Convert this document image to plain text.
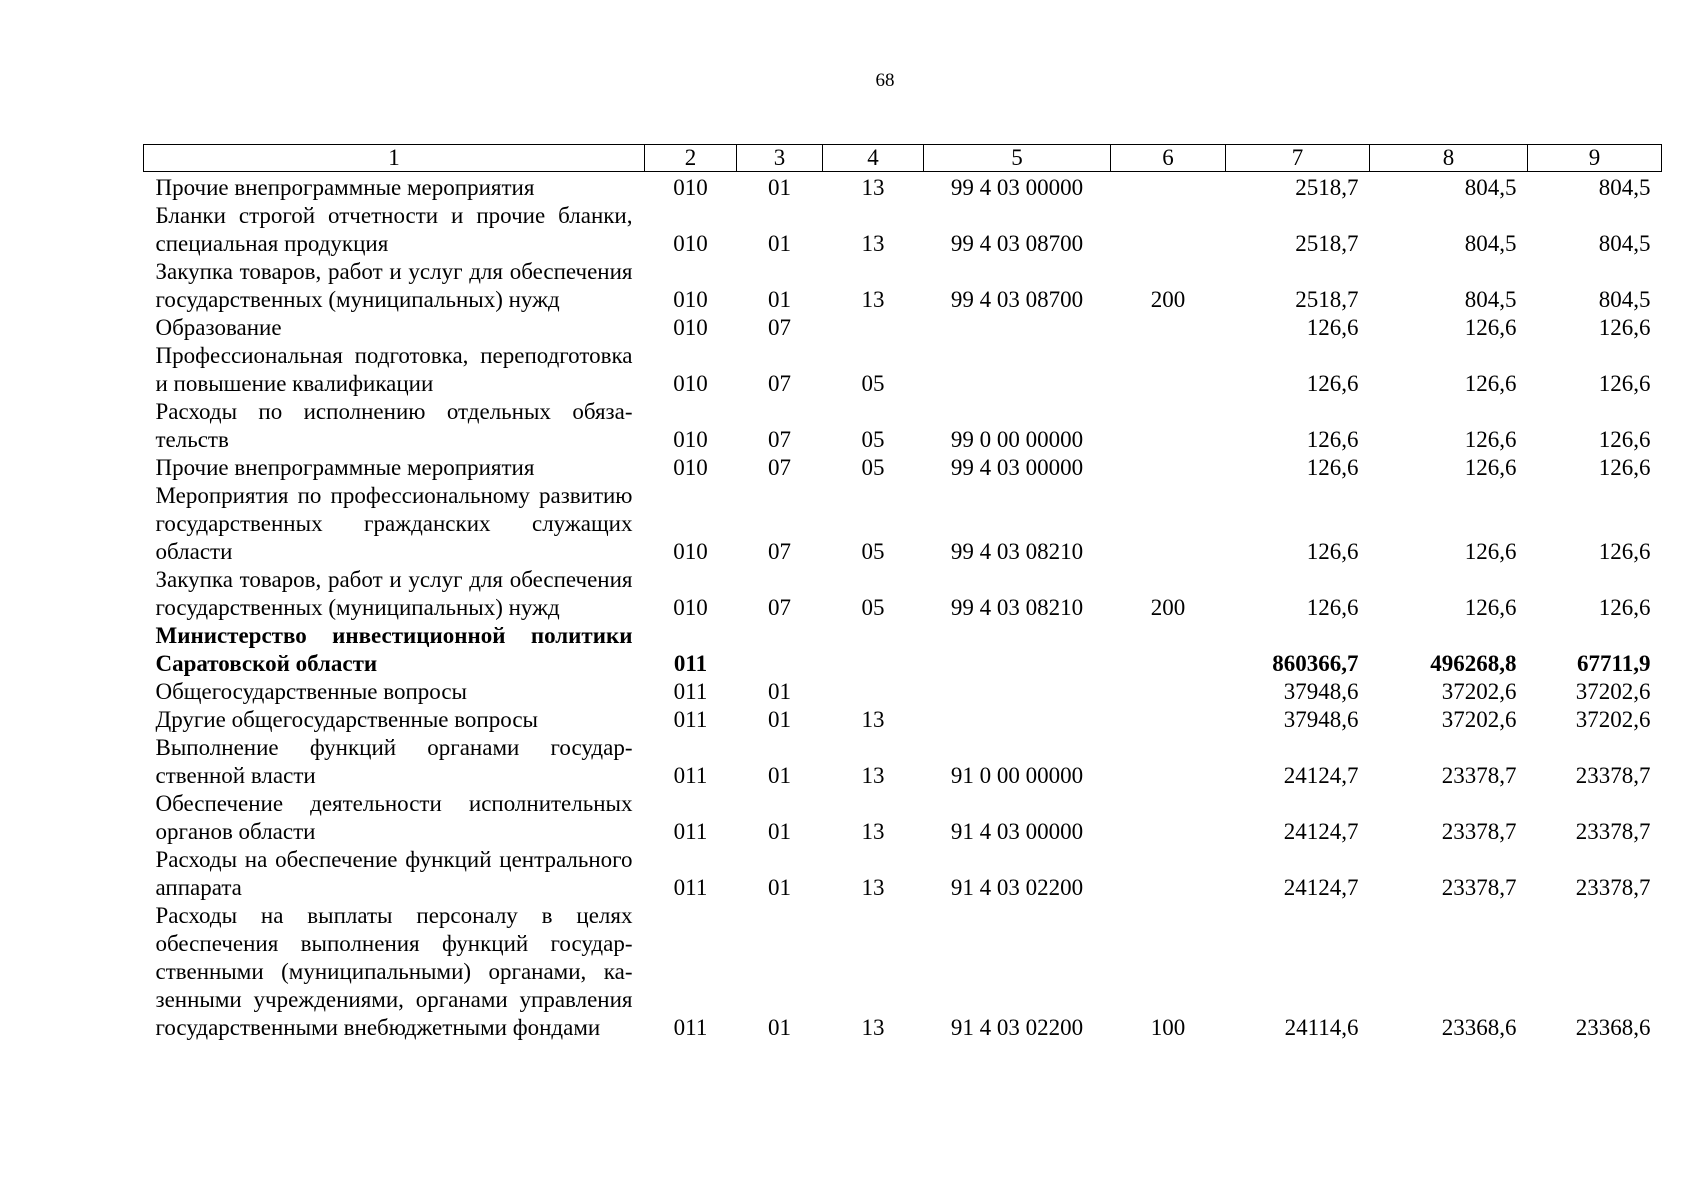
68
1	2	3	4	5	6	7	8	9
Прочие внепрограммные мероприятия	010	01	13	99 4 03 00000		2518,7	804,5	804,5
Бланки строгой отчетности и прочие бланки, специальная продукция	010	01	13	99 4 03 08700		2518,7	804,5	804,5
Закупка товаров, работ и услуг для обеспечения государственных (муниципальных) нужд	010	01	13	99 4 03 08700	200	2518,7	804,5	804,5
Образование	010	07				126,6	126,6	126,6
Профессиональная подготовка, переподготовка и повышение квалификации	010	07	05			126,6	126,6	126,6
Расходы по исполнению отдельных обязательств	010	07	05	99 0 00 00000		126,6	126,6	126,6
Прочие внепрограммные мероприятия	010	07	05	99 4 03 00000		126,6	126,6	126,6
Мероприятия по профессиональному развитию государственных гражданских служащих области	010	07	05	99 4 03 08210		126,6	126,6	126,6
Закупка товаров, работ и услуг для обеспечения государственных (муниципальных) нужд	010	07	05	99 4 03 08210	200	126,6	126,6	126,6
Министерство инвестиционной политики Саратовской области	011					860366,7	496268,8	67711,9
Общегосударственные вопросы	011	01				37948,6	37202,6	37202,6
Другие общегосударственные вопросы	011	01	13			37948,6	37202,6	37202,6
Выполнение функций органами государственной власти	011	01	13	91 0 00 00000		24124,7	23378,7	23378,7
Обеспечение деятельности исполнительных органов области	011	01	13	91 4 03 00000		24124,7	23378,7	23378,7
Расходы на обеспечение функций центрального аппарата	011	01	13	91 4 03 02200		24124,7	23378,7	23378,7
Расходы на выплаты персоналу в целях обеспечения выполнения функций государственными (муниципальными) органами, казенными учреждениями, органами управления государственными внебюджетными фондами	011	01	13	91 4 03 02200	100	24114,6	23368,6	23368,6
